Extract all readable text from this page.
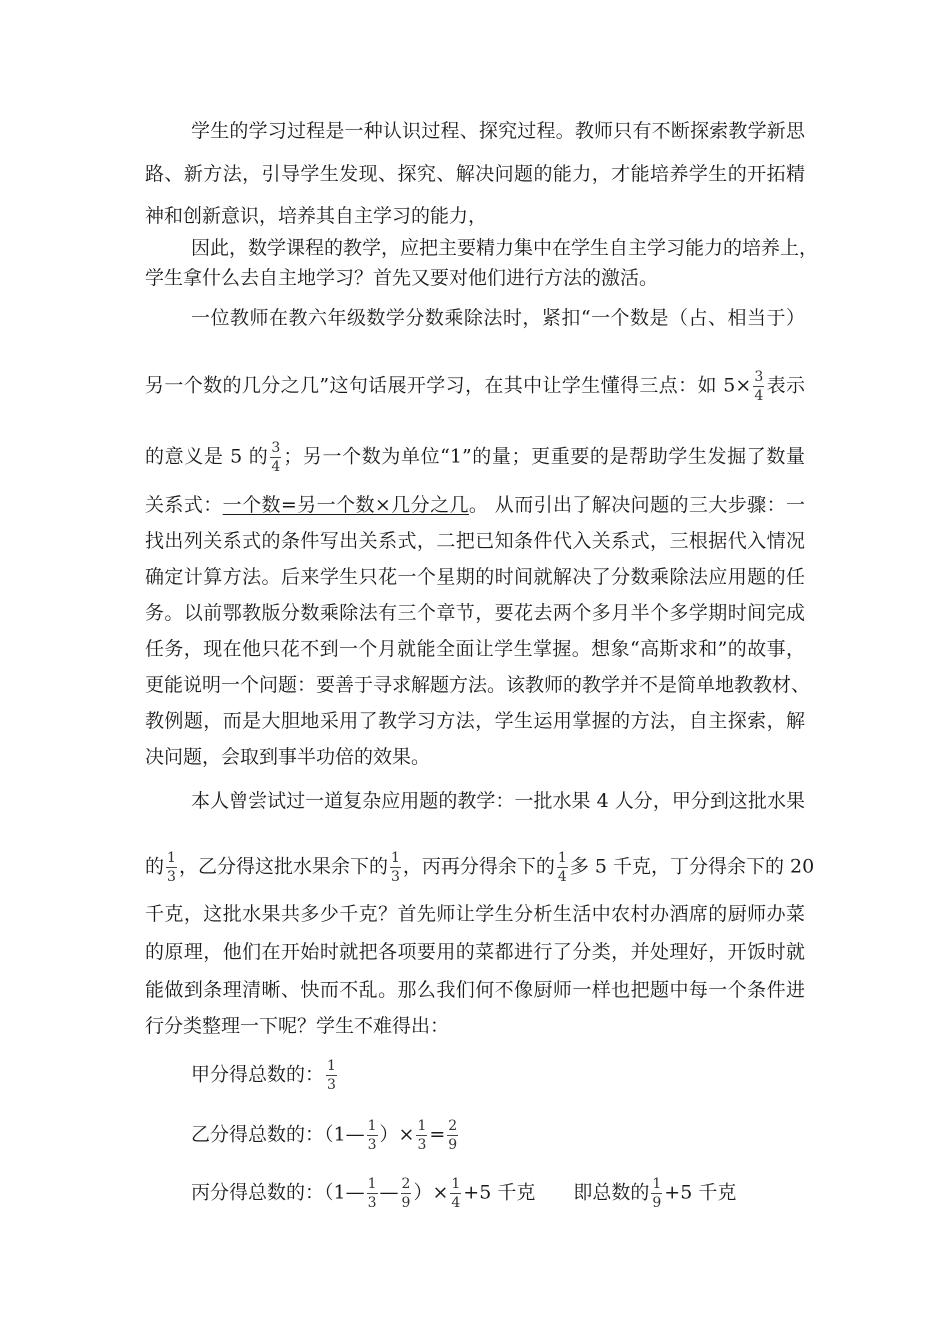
学生的学习过程是一种认识过程、探究过程。教师只有不断探索教学新思
路、新方法，引导学生发现、探究、解决问题的能力，才能培养学生的开拓精
神和创新意识，培养其自主学习的能力，
因此，数学课程的教学，应把主要精力集中在学生自主学习能力的培养上，
学生拿什么去自主地学习？首先又要对他们进行方法的激活。
一位教师在教六年级数学分数乘除法时，紧扣“一个数是（占、相当于）
另一个数的几分之几”这句话展开学习，在其中让学生懂得三点：如 $5\times \frac{3}{4}$ 表示
的意义是 5 的 $\frac{3}{4}$ ；另一个数为单位“1”的量；更重要的是帮助学生发掘了数量
关系式：一个数=另一个数×几分之几。 从而引出了解决问题的三大步骤：一
找出列关系式的条件写出关系式，二把已知条件代入关系式，三根据代入情况
确定计算方法。后来学生只花一个星期的时间就解决了分数乘除法应用题的任
务。以前鄂教版分数乘除法有三个章节，要花去两个多月半个多学期时间完成
任务，现在他只花不到一个月就能全面让学生掌握。想象“高斯求和”的故事，
更能说明一个问题：要善于寻求解题方法。该教师的教学并不是简单地教教材、
教例题，而是大胆地采用了教学习方法，学生运用掌握的方法，自主探索，解
决问题，会取到事半功倍的效果。
本人曾尝试过一道复杂应用题的教学：一批水果 4 人分，甲分到这批水果
的 $\frac{1}{3}$ ，乙分得这批水果余下的 $\frac{1}{3}$ ，丙再分得余下的 $\frac{1}{4}$ 多 5 千克，丁分得余下的 20
千克，这批水果共多少千克？首先师让学生分析生活中农村办酒席的厨师办菜
的原理，他们在开始时就把各项要用的菜都进行了分类，并处理好，开饭时就
能做到条理清晰、快而不乱。那么我们何不像厨师一样也把题中每一个条件进
行分类整理一下呢？学生不难得出：
甲分得总数的： $\frac{1}{3}$
乙分得总数的：（1— $\frac{1}{3}$ ）× $\frac{1}{3} = \frac{2}{9}$
丙分得总数的：（1— $\frac{1}{3}$ — $\frac{2}{9}$ ）× $\frac{1}{4} +5$ 千克 即总数的 $\frac{1}{9} +5$ 千克
